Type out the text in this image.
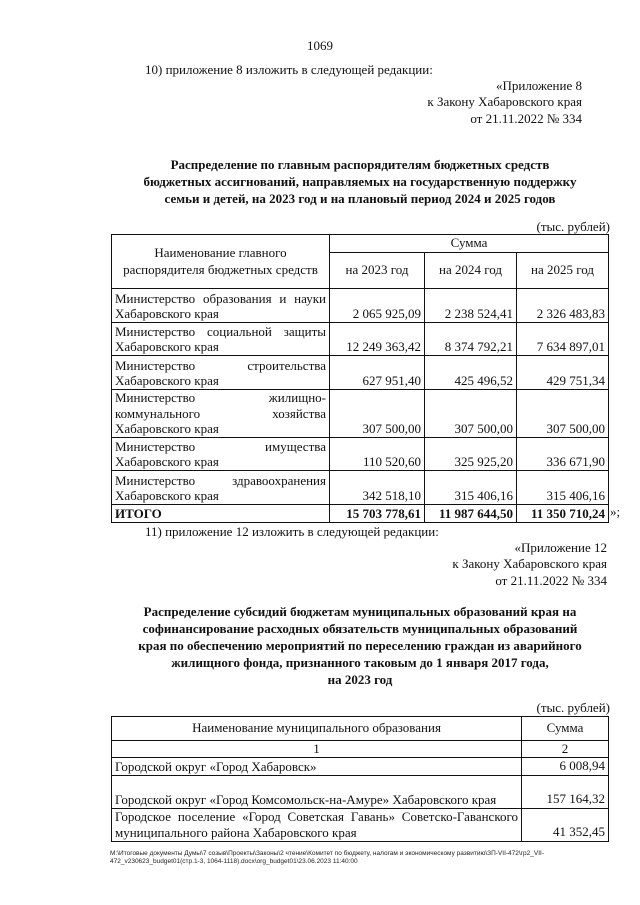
1069
10) приложение 8 изложить в следующей редакции:
«Приложение 8
к Закону Хабаровского края
от 21.11.2022 № 334
Распределение по главным распорядителям бюджетных средств
бюджетных ассигнований, направляемых на государственную поддержку
семьи и детей, на 2023 год и на плановый период 2024 и 2025 годов
(тыс. рублей)
Наименование главного распорядителя бюджетных средств	Сумма		
	на 2023 год	на 2024 год	на 2025 год
Министерство образования и науки Хабаровского края	2 065 925,09	2 238 524,41	2 326 483,83
Министерство социальной защиты Хабаровского края	12 249 363,42	8 374 792,21	7 634 897,01
Министерство строительства Хабаровского края	627 951,40	425 496,52	429 751,34
Министерство жилищно-коммунального хозяйства Хабаровского края	307 500,00	307 500,00	307 500,00
Министерство имущества Хабаровского края	110 520,60	325 925,20	336 671,90
Министерство здравоохранения Хабаровского края	342 518,10	315 406,16	315 406,16
ИТОГО	15 703 778,61	11 987 644,50	11 350 710,24 »;
11) приложение 12 изложить в следующей редакции:
«Приложение 12
к Закону Хабаровского края
от 21.11.2022 № 334
Распределение субсидий бюджетам муниципальных образований края на
софинансирование расходных обязательств муниципальных образований
края по обеспечению мероприятий по переселению граждан из аварийного
жилищного фонда, признанного таковым до 1 января 2017 года,
на 2023 год
(тыс. рублей)
Наименование муниципального образования	Сумма
1	2
Городской округ «Город Хабаровск»	6 008,94
Городской округ «Город Комсомольск-на-Амуре» Хабаровского края	157 164,32
Городское поселение «Город Советская Гавань» Советско-Гаванского муниципального района Хабаровского края	41 352,45
М:\Итоговые документы Думы\7 созыв\Проекты\Законы\2 чтение\Комитет по бюджету, налогам и экономическому развитию\ЗП-VII-472\гр2_VII-472_v230623_budget01(стр.1-3, 1064-1118).docx\org_budget01\23.06.2023 11:40:00
